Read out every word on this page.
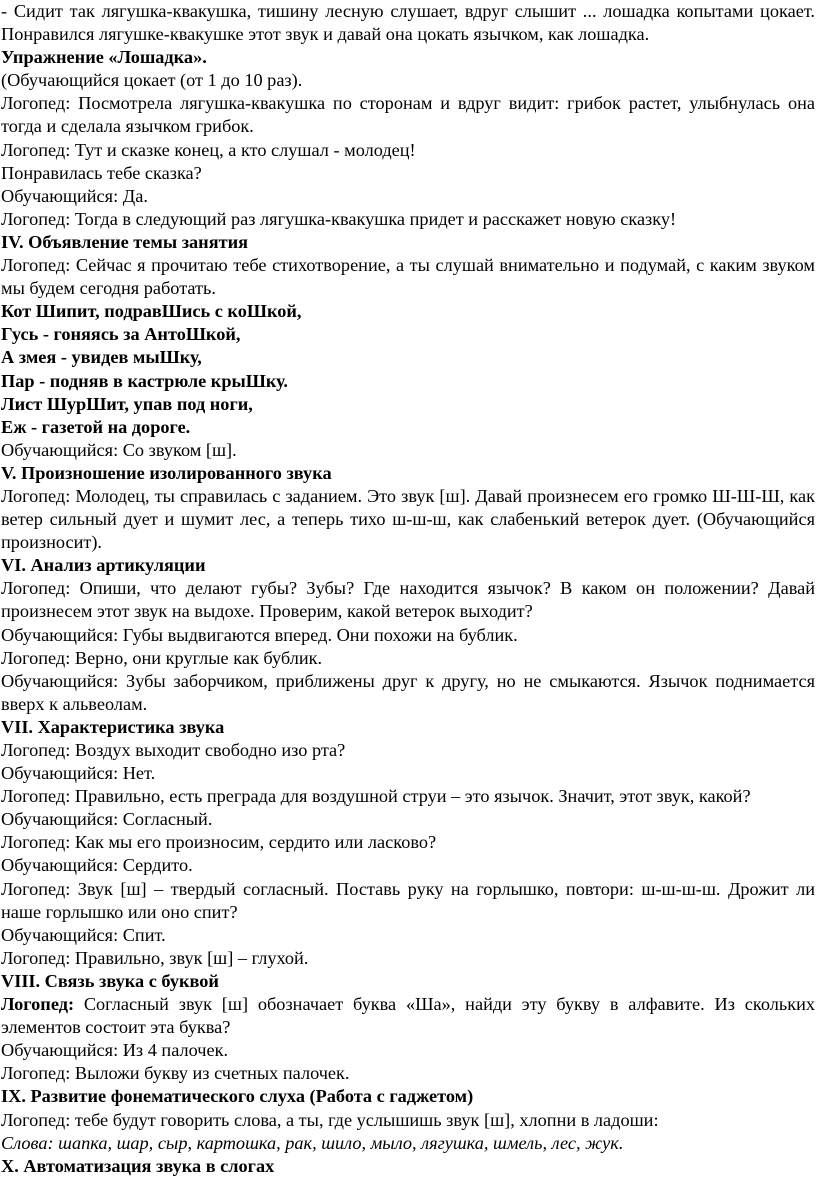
- Сидит так лягушка-квакушка, тишину лесную слушает, вдруг слышит ... лошадка копытами цокает. Понравился лягушке-квакушке этот звук и давай она цокать язычком, как лошадка.

Упражнение «Лошадка».

(Обучающийся цокает (от 1 до 10 раз).

Логопед: Посмотрела лягушка-квакушка по сторонам и вдруг видит: грибок растет, улыбнулась она тогда и сделала язычком грибок.

Логопед: Тут и сказке конец, а кто слушал - молодец!

Понравилась тебе сказка?

Обучающийся: Да.

Логопед: Тогда в следующий раз лягушка-квакушка придет и расскажет новую сказку!

IV. Объявление темы занятия

Логопед: Сейчас я прочитаю тебе стихотворение, а ты слушай внимательно и подумай, с каким звуком мы будем сегодня работать.

Кот Шипит, подравШись с коШкой,

Гусь - гоняясь за АнтоШкой,

А змея - увидев мыШку,

Пар - подняв в кастрюле крыШку.

Лист ШурШит, упав под ноги,

Еж - газетой на дороге.

Обучающийся: Со звуком [ш].

V. Произношение изолированного звука

Логопед: Молодец, ты справилась с заданием. Это звук [ш]. Давай произнесем его громко Ш-Ш-Ш, как ветер сильный дует и шумит лес, а теперь тихо ш-ш-ш, как слабенький ветерок дует. (Обучающийся произносит).

VI. Анализ артикуляции

Логопед: Опиши, что делают губы? Зубы? Где находится язычок? В каком он положении? Давай произнесем этот звук на выдохе. Проверим, какой ветерок выходит?

Обучающийся: Губы выдвигаются вперед. Они похожи на бублик.

Логопед: Верно, они круглые как бублик.

Обучающийся: Зубы заборчиком, приближены друг к другу, но не смыкаются. Язычок поднимается вверх к альвеолам.

VII. Характеристика звука

Логопед: Воздух выходит свободно изо рта?

Обучающийся: Нет.

Логопед: Правильно, есть преграда для воздушной струи – это язычок. Значит, этот звук, какой?

Обучающийся: Согласный.

Логопед: Как мы его произносим, сердито или ласково?

Обучающийся: Сердито.

Логопед: Звук [ш] – твердый согласный. Поставь руку на горлышко, повтори: ш-ш-ш-ш. Дрожит ли наше горлышко или оно спит?

Обучающийся: Спит.

Логопед: Правильно, звук [ш] – глухой.

VIII. Связь звука с буквой

Логопед: Согласный звук [ш] обозначает буква «Ша», найди эту букву в алфавите. Из скольких элементов состоит эта буква?

Обучающийся: Из 4 палочек.

Логопед: Выложи букву из счетных палочек.

IX. Развитие фонематического слуха (Работа с гаджетом)

Логопед: тебе будут говорить слова, а ты, где услышишь звук [ш], хлопни в ладоши:

Слова: шапка, шар, сыр, картошка, рак, шило, мыло, лягушка, шмель, лес, жук.

X. Автоматизация звука в слогах
